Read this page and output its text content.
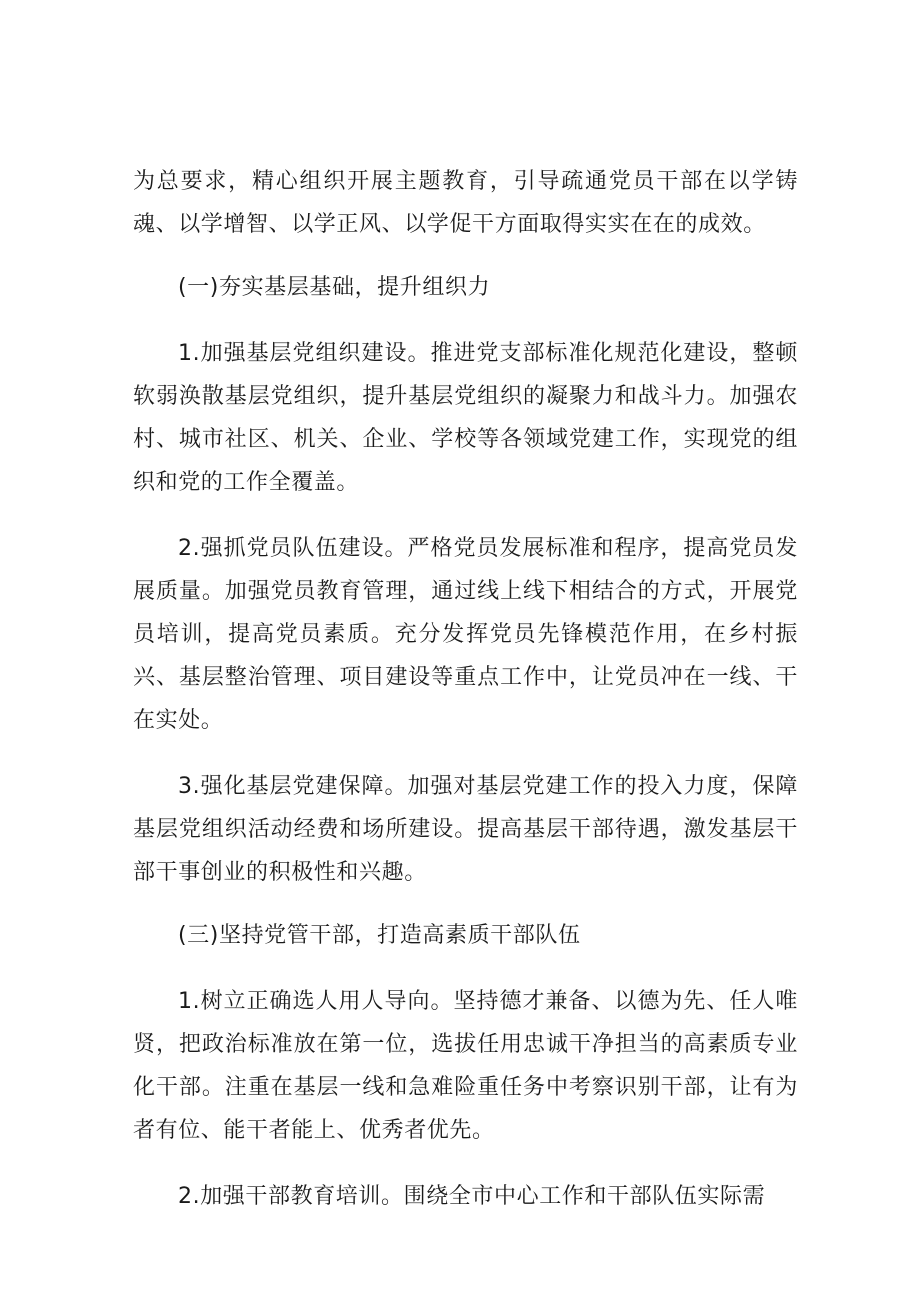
为总要求，精心组织开展主题教育，引导疏通党员干部在以学铸魂、以学增智、以学正风、以学促干方面取得实实在在的成效。

(一)夯实基层基础，提升组织力

1.加强基层党组织建设。推进党支部标准化规范化建设，整顿软弱涣散基层党组织，提升基层党组织的凝聚力和战斗力。加强农村、城市社区、机关、企业、学校等各领域党建工作，实现党的组织和党的工作全覆盖。

2.强抓党员队伍建设。严格党员发展标准和程序，提高党员发展质量。加强党员教育管理，通过线上线下相结合的方式，开展党员培训，提高党员素质。充分发挥党员先锋模范作用，在乡村振兴、基层整治管理、项目建设等重点工作中，让党员冲在一线、干在实处。

3.强化基层党建保障。加强对基层党建工作的投入力度，保障基层党组织活动经费和场所建设。提高基层干部待遇，激发基层干部干事创业的积极性和兴趣。

(三)坚持党管干部，打造高素质干部队伍

1.树立正确选人用人导向。坚持德才兼备、以德为先、任人唯贤，把政治标准放在第一位，选拔任用忠诚干净担当的高素质专业化干部。注重在基层一线和急难险重任务中考察识别干部，让有为者有位、能干者能上、优秀者优先。

2.加强干部教育培训。围绕全市中心工作和干部队伍实际需
